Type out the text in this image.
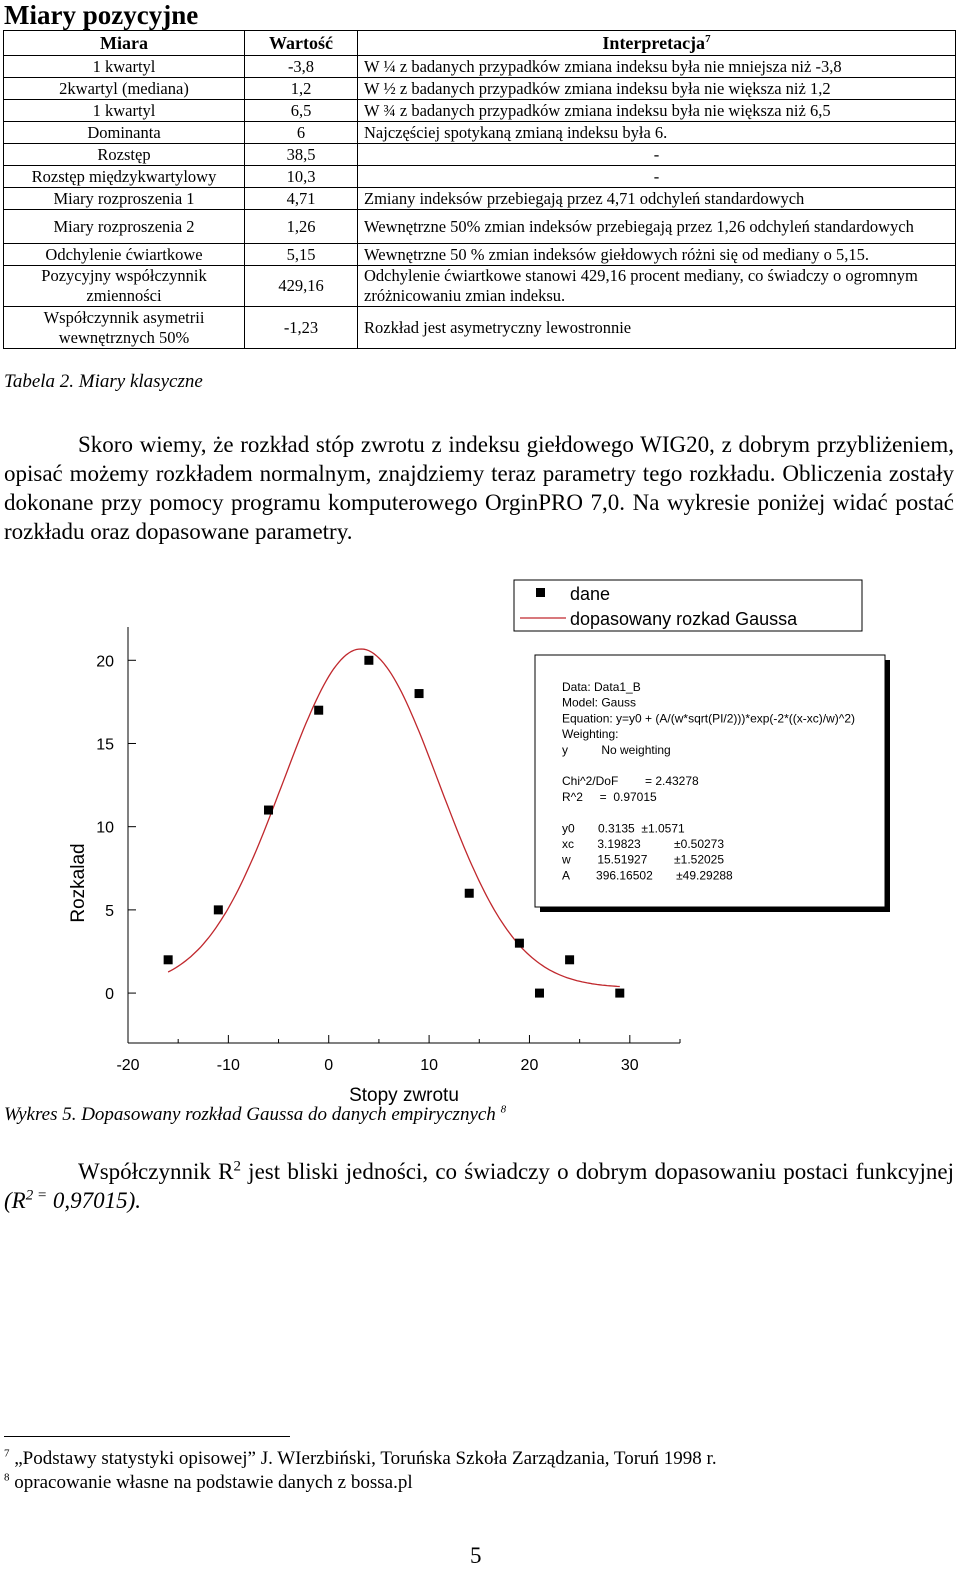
Miary pozycyjne
Miara	Wartość	Interpretacja$^7$
1 kwartyl	-3,8	W ¼ z badanych przypadków zmiana indeksu była nie mniejsza niż -3,8
2kwartyl (mediana)	1,2	W ½ z badanych przypadków zmiana indeksu była nie większa niż 1,2
1 kwartyl	6,5	W ¾ z badanych przypadków zmiana indeksu była nie większa niż 6,5
Dominanta	6	Najczęściej spotykaną zmianą indeksu była 6.
Rozstęp	38,5	-
Rozstęp międzykwartylowy	10,3	-
Miary rozproszenia 1	4,71	Zmiany indeksów przebiegają przez 4,71 odchyleń standardowych
Miary rozproszenia 2	1,26	Wewnętrzne 50% zmian indeksów przebiegają przez 1,26 odchyleń standardowych
Odchylenie ćwiartkowe	5,15	Wewnętrzne 50 % zmian indeksów giełdowych różni się od mediany o 5,15.
Pozycyjny współczynnik zmienności	429,16	Odchylenie ćwiartkowe stanowi 429,16 procent mediany, co świadczy o ogromnym zróżnicowaniu zmian indeksu.
Współczynnik asymetrii wewnętrznych 50%	-1,23	Rozkład jest asymetryczny lewostronnie
Tabela 2. Miary klasyczne
Skoro wiemy, że rozkład stóp zwrotu z indeksu giełdowego WIG20, z dobrym przybliżeniem, opisać możemy rozkładem normalnym, znajdziemy teraz parametry tego rozkładu. Obliczenia zostały dokonane przy pomocy programu komputerowego OrginPRO 7,0. Na wykresie poniżej widać postać rozkładu oraz dopasowane parametry.
0
5
10
15
20
-20	-10	0	10	20	30
Stopy zwrotu
Rozkalad
dane
dopasowany rozkad Gaussa
Data: Data1_B
Model: Gauss
Equation: y=y0 + (A/(w*sqrt(PI/2)))*exp(-2*((x-xc)/w)^2)
Weighting:
y          No weighting
Chi^2/DoF        = 2.43278
R^2     =  0.97015
y0       0.3135  ±1.0571
xc       3.19823          ±0.50273
w        15.51927        ±1.52025
A        396.16502       ±49.29288
Wykres 5. Dopasowany rozkład Gaussa do danych empirycznych $^8$
Współczynnik $R^2$ jest bliski jedności, co świadczy o dobrym dopasowaniu postaci funkcyjnej ($R^{2 =}$ 0,97015).
$^7$ „Podstawy statystyki opisowej” J. WIerzbiński, Toruńska Szkoła Zarządzania, Toruń 1998 r.
$^8$ opracowanie własne na podstawie danych z bossa.pl
5
